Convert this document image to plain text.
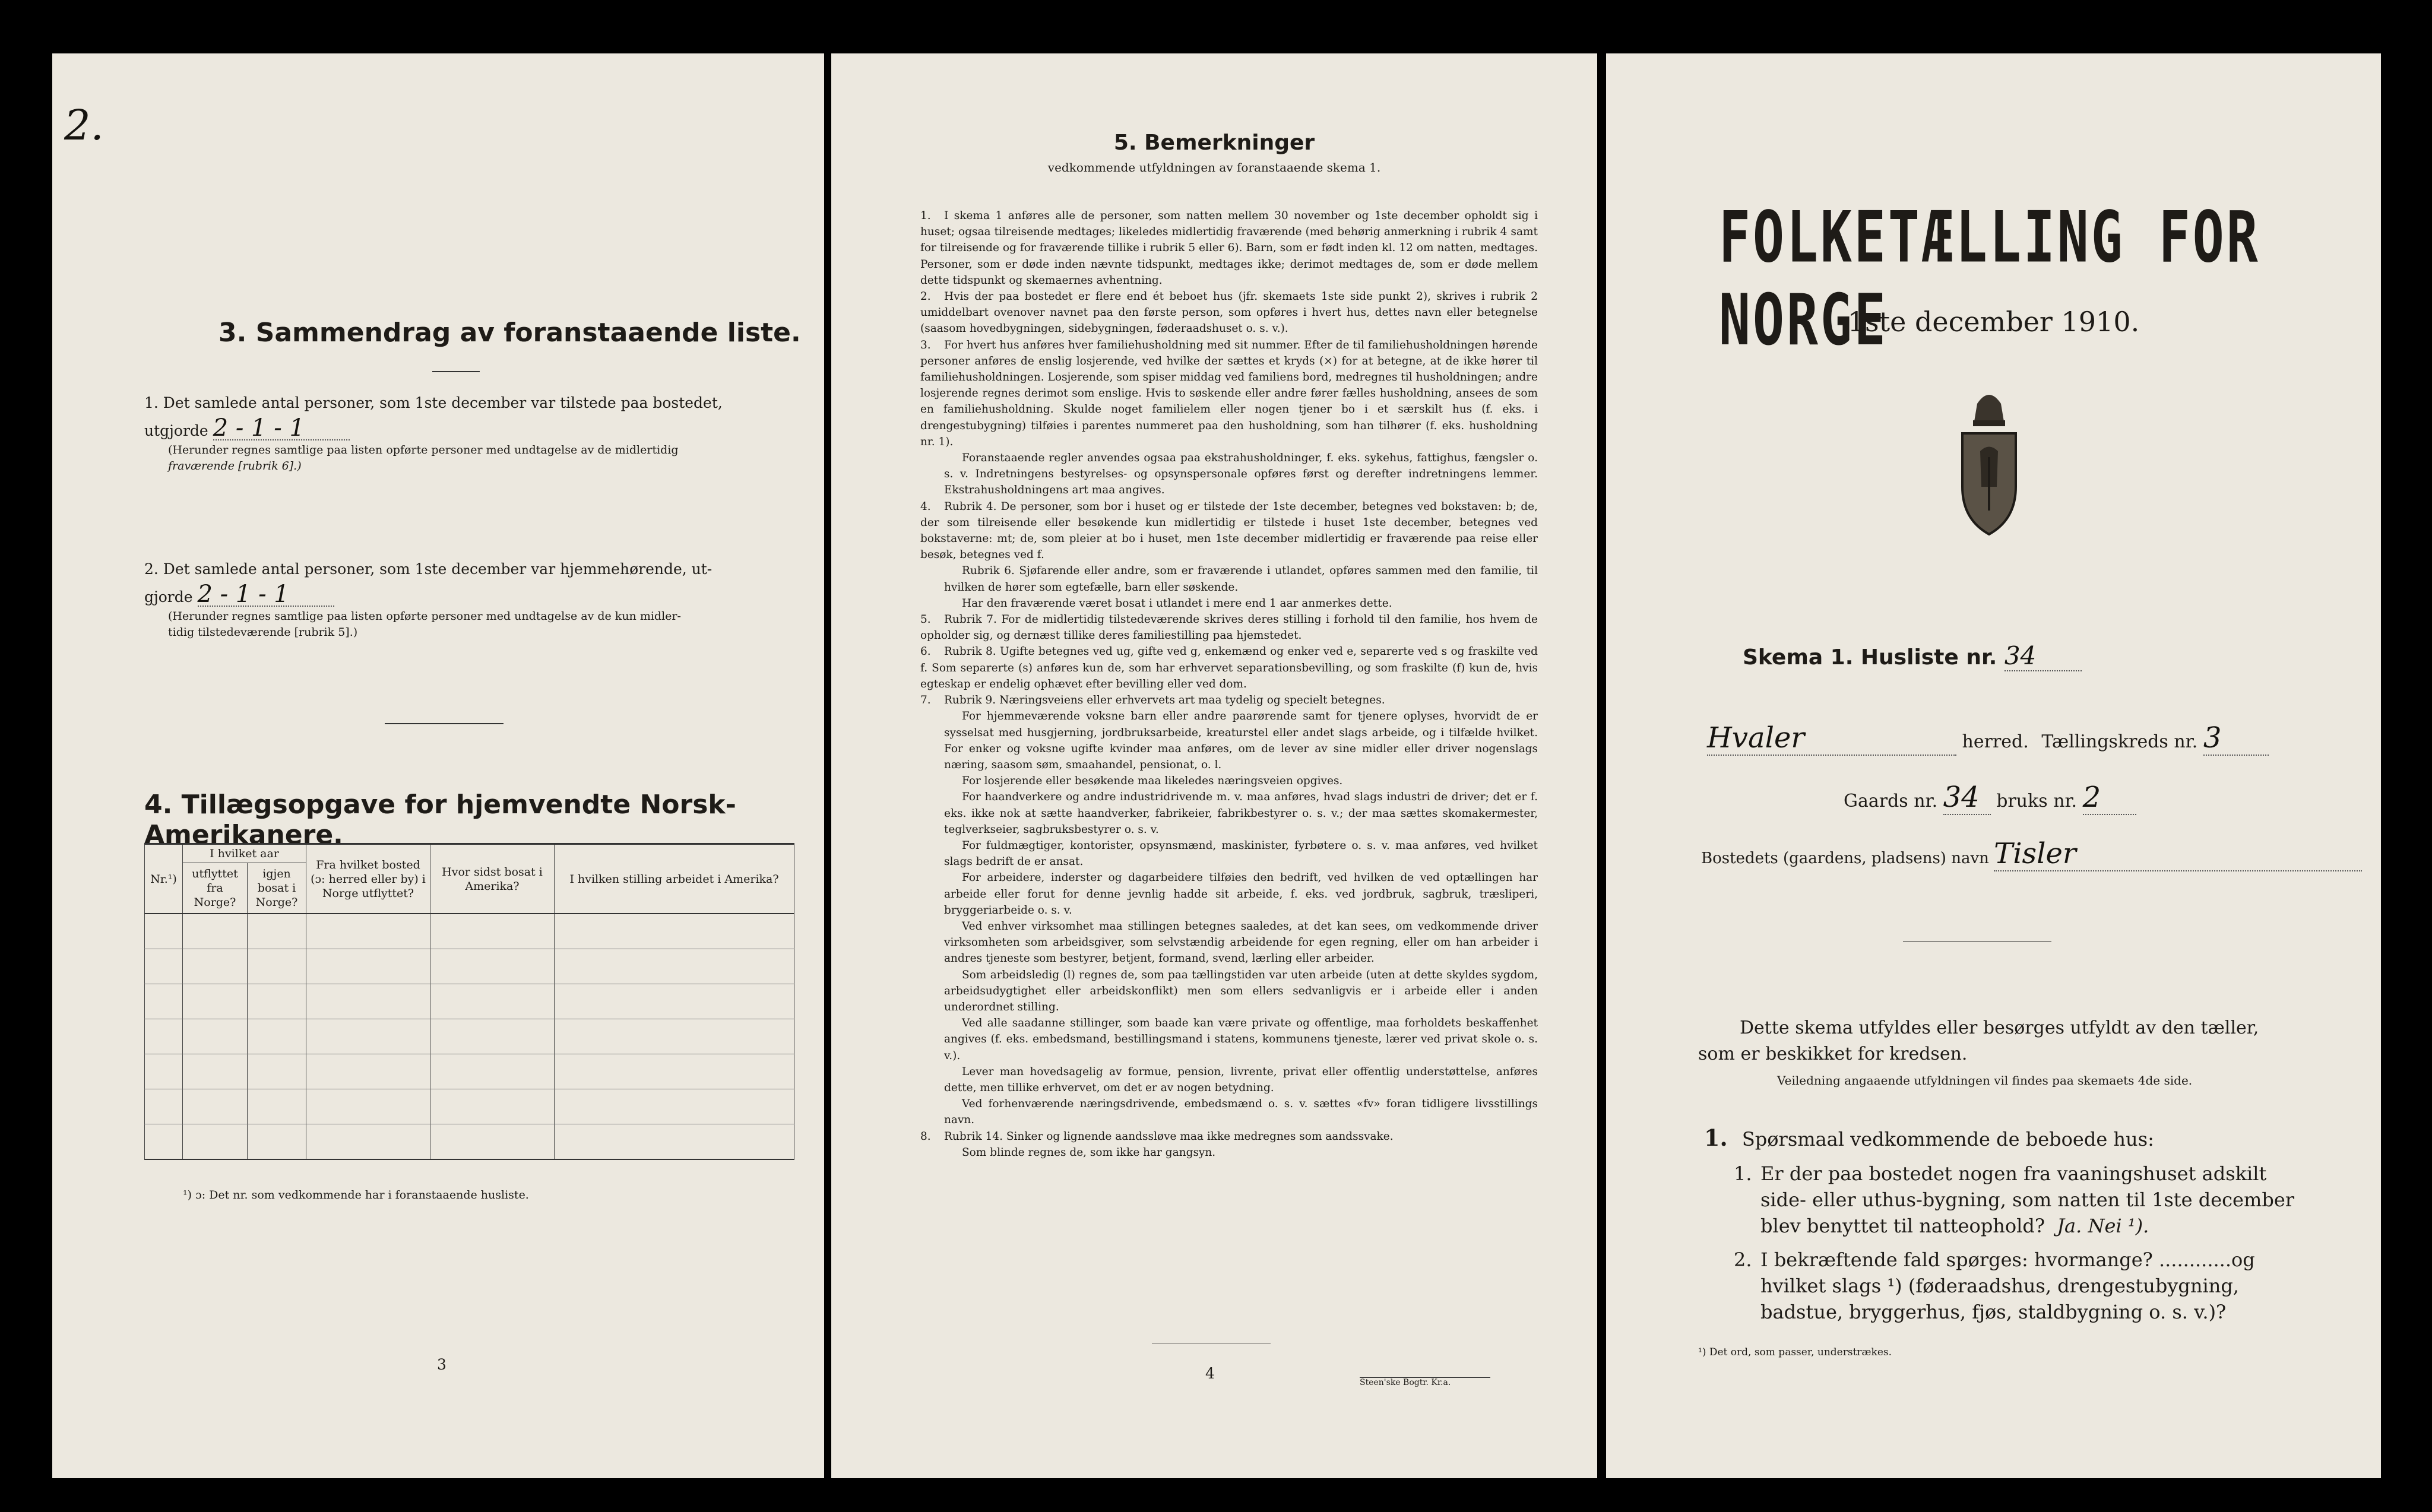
2.
3. Sammendrag av foranstaaende liste.
1. Det samlede antal personer, som 1ste december var tilstede paa bostedet,
utgjorde 2 - 1 - 1
(Herunder regnes samtlige paa listen opførte personer med undtagelse av de midlertidig
fraværende [rubrik 6].)
2. Det samlede antal personer, som 1ste december var hjemmehørende, ut-
gjorde 2 - 1 - 1
(Herunder regnes samtlige paa listen opførte personer med undtagelse av de kun midler-
tidig tilstedeværende [rubrik 5].)
4. Tillægsopgave for hjemvendte Norsk-Amerikanere.
Nr.¹)	I hvilket aar		Fra hvilket bosted (ɔ: herred eller by) i Norge utflyttet?	Hvor sidst bosat i Amerika?	I hvilken stilling arbeidet i Amerika?
	utflyttet fra Norge?	igjen bosat i Norge?			

¹) ɔ: Det nr. som vedkommende har i foranstaaende husliste.
3
5. Bemerkninger
vedkommende utfyldningen av foranstaaende skema 1.

1. I skema 1 anføres alle de personer, som natten mellem 30 november og 1ste december opholdt sig i huset; ogsaa tilreisende medtages; likeledes midlertidig fraværende (med behørig anmerkning i rubrik 4 samt for tilreisende og for fraværende tillike i rubrik 5 eller 6). Barn, som er født inden kl. 12 om natten, medtages. Personer, som er døde inden nævnte tidspunkt, medtages ikke; derimot medtages de, som er døde mellem dette tidspunkt og skemaernes avhentning.

2. Hvis der paa bostedet er flere end ét beboet hus (jfr. skemaets 1ste side punkt 2), skrives i rubrik 2 umiddelbart ovenover navnet paa den første person, som opføres i hvert hus, dettes navn eller betegnelse (saasom hovedbygningen, sidebygningen, føderaadshuset o. s. v.).

3. For hvert hus anføres hver familiehusholdning med sit nummer. Efter de til familiehusholdningen hørende personer anføres de enslig losjerende, ved hvilke der sættes et kryds (×) for at betegne, at de ikke hører til familiehusholdningen. Losjerende, som spiser middag ved familiens bord, medregnes til husholdningen; andre losjerende regnes derimot som enslige. Hvis to søskende eller andre fører fælles husholdning, ansees de som en familiehusholdning. Skulde noget familielem eller nogen tjener bo i et særskilt hus (f. eks. i drengestubygning) tilføies i parentes nummeret paa den husholdning, som han tilhører (f. eks. husholdning nr. 1).

Foranstaaende regler anvendes ogsaa paa ekstrahusholdninger, f. eks. sykehus, fattighus, fængsler o. s. v. Indretningens bestyrelses- og opsynspersonale opføres først og derefter indretningens lemmer. Ekstrahusholdningens art maa angives.

4. Rubrik 4. De personer, som bor i huset og er tilstede der 1ste december, betegnes ved bokstaven: b; de, der som tilreisende eller besøkende kun midlertidig er tilstede i huset 1ste december, betegnes ved bokstaverne: mt; de, som pleier at bo i huset, men 1ste december midlertidig er fraværende paa reise eller besøk, betegnes ved f.

Rubrik 6. Sjøfarende eller andre, som er fraværende i utlandet, opføres sammen med den familie, til hvilken de hører som egtefælle, barn eller søskende.

Har den fraværende været bosat i utlandet i mere end 1 aar anmerkes dette.

5. Rubrik 7. For de midlertidig tilstedeværende skrives deres stilling i forhold til den familie, hos hvem de opholder sig, og dernæst tillike deres familiestilling paa hjemstedet.

6. Rubrik 8. Ugifte betegnes ved ug, gifte ved g, enkemænd og enker ved e, separerte ved s og fraskilte ved f. Som separerte (s) anføres kun de, som har erhvervet separationsbevilling, og som fraskilte (f) kun de, hvis egteskap er endelig ophævet efter bevilling eller ved dom.

7. Rubrik 9. Næringsveiens eller erhvervets art maa tydelig og specielt betegnes.

For hjemmeværende voksne barn eller andre paarørende samt for tjenere oplyses, hvorvidt de er sysselsat med husgjerning, jordbruksarbeide, kreaturstel eller andet slags arbeide, og i tilfælde hvilket. For enker og voksne ugifte kvinder maa anføres, om de lever av sine midler eller driver nogenslags næring, saasom søm, smaahandel, pensionat, o. l.

For losjerende eller besøkende maa likeledes næringsveien opgives.

For haandverkere og andre industridrivende m. v. maa anføres, hvad slags industri de driver; det er f. eks. ikke nok at sætte haandverker, fabrikeier, fabrikbestyrer o. s. v.; der maa sættes skomakermester, teglverkseier, sagbruksbestyrer o. s. v.

For fuldmægtiger, kontorister, opsynsmænd, maskinister, fyrbøtere o. s. v. maa anføres, ved hvilket slags bedrift de er ansat.

For arbeidere, inderster og dagarbeidere tilføies den bedrift, ved hvilken de ved optællingen har arbeide eller forut for denne jevnlig hadde sit arbeide, f. eks. ved jordbruk, sagbruk, træsliperi, bryggeriarbeide o. s. v.

Ved enhver virksomhet maa stillingen betegnes saaledes, at det kan sees, om vedkommende driver virksomheten som arbeidsgiver, som selvstændig arbeidende for egen regning, eller om han arbeider i andres tjeneste som bestyrer, betjent, formand, svend, lærling eller arbeider.

Som arbeidsledig (l) regnes de, som paa tællingstiden var uten arbeide (uten at dette skyldes sygdom, arbeidsudygtighet eller arbeidskonflikt) men som ellers sedvanligvis er i arbeide eller i anden underordnet stilling.

Ved alle saadanne stillinger, som baade kan være private og offentlige, maa forholdets beskaffenhet angives (f. eks. embedsmand, bestillingsmand i statens, kommunens tjeneste, lærer ved privat skole o. s. v.).

Lever man hovedsagelig av formue, pension, livrente, privat eller offentlig understøttelse, anføres dette, men tillike erhvervet, om det er av nogen betydning.

Ved forhenværende næringsdrivende, embedsmænd o. s. v. sættes «fv» foran tidligere livsstillings navn.

8. Rubrik 14. Sinker og lignende aandssløve maa ikke medregnes som aandssvake.

Som blinde regnes de, som ikke har gangsyn.

4
Steen'ske Bogtr. Kr.a.
FOLKETÆLLING FOR NORGE
1ste december 1910.
Skema 1. Husliste nr. 34
Hvaler	herred. Tællingskreds nr. 3
Gaards nr. 34 bruks nr. 2
Bostedets (gaardens, pladsens) navn Tisler
Dette skema utfyldes eller besørges utfyldt av den tæller, som er beskikket for kredsen.
Veiledning angaaende utfyldningen vil findes paa skemaets 4de side.
1. Spørsmaal vedkommende de beboede hus:
1. Er der paa bostedet nogen fra vaaningshuset adskilt side- eller uthus-bygning, som natten til 1ste december blev benyttet til natteophold? Ja. Nei ¹).
2. I bekræftende fald spørges: hvormange? ............og hvilket slags ¹) (føderaadshus, drengestubygning, badstue, bryggerhus, fjøs, staldbygning o. s. v.)?
¹) Det ord, som passer, understrækes.
